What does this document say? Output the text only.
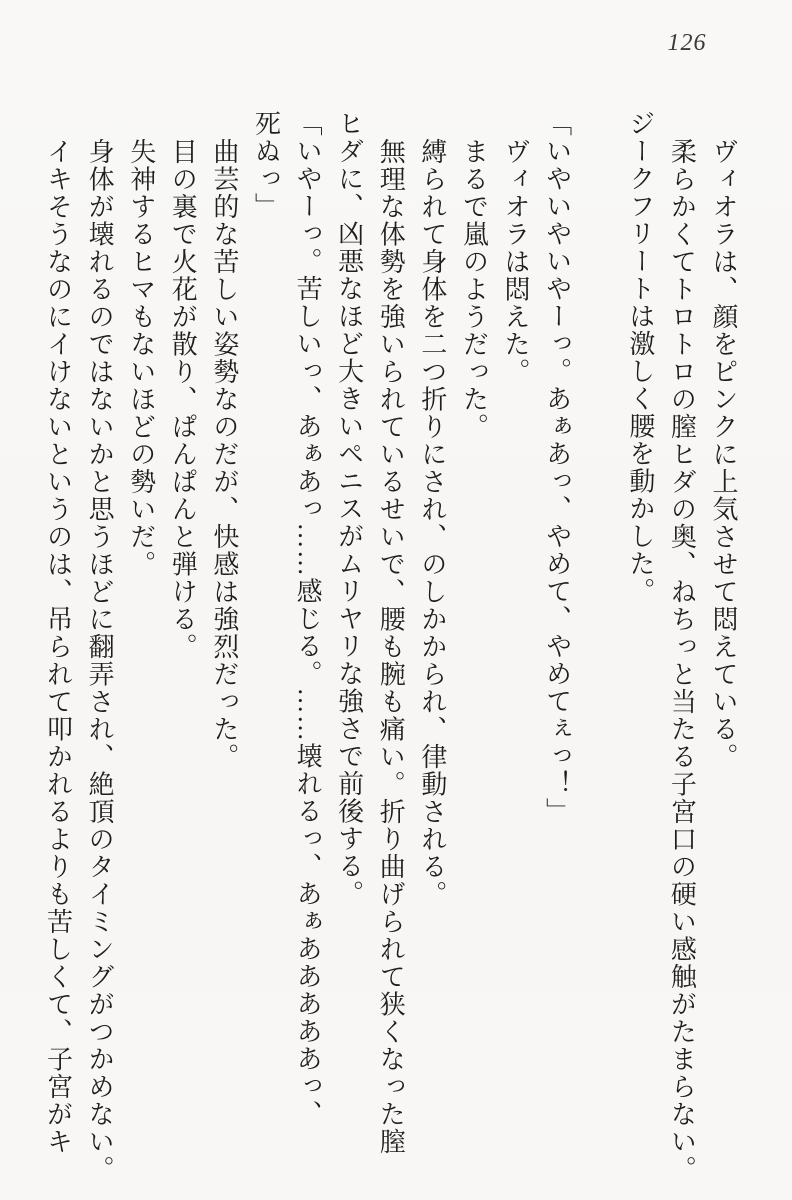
126
ヴィオラは、顔をピンクに上気させて悶えている。
柔らかくてトロトロの膣ヒダの奥、ねちっと当たる子宮口の硬い感触がたまらない。
ジークフリートは激しく腰を動かした。
「いやいやいやーっ。あぁあっ、やめて、やめてぇっ！」
ヴィオラは悶えた。
まるで嵐のようだった。
縛られて身体を二つ折りにされ、のしかかられ、律動される。
無理な体勢を強いられているせいで、腰も腕も痛い。折り曲げられて狭くなった膣
ヒダに、凶悪なほど大きいペニスがムリヤリな強さで前後する。
「いやーっ。苦しいっ、あぁあっ……感じる。……壊れるっ、あぁあああああっ、
死ぬっ」
曲芸的な苦しい姿勢なのだが、快感は強烈だった。
目の裏で火花が散り、ぱんぱんと弾ける。
失神するヒマもないほどの勢いだ。
身体が壊れるのではないかと思うほどに翻弄され、絶頂のタイミングがつかめない。
イキそうなのにイけないというのは、吊られて叩かれるよりも苦しくて、子宮がキ
